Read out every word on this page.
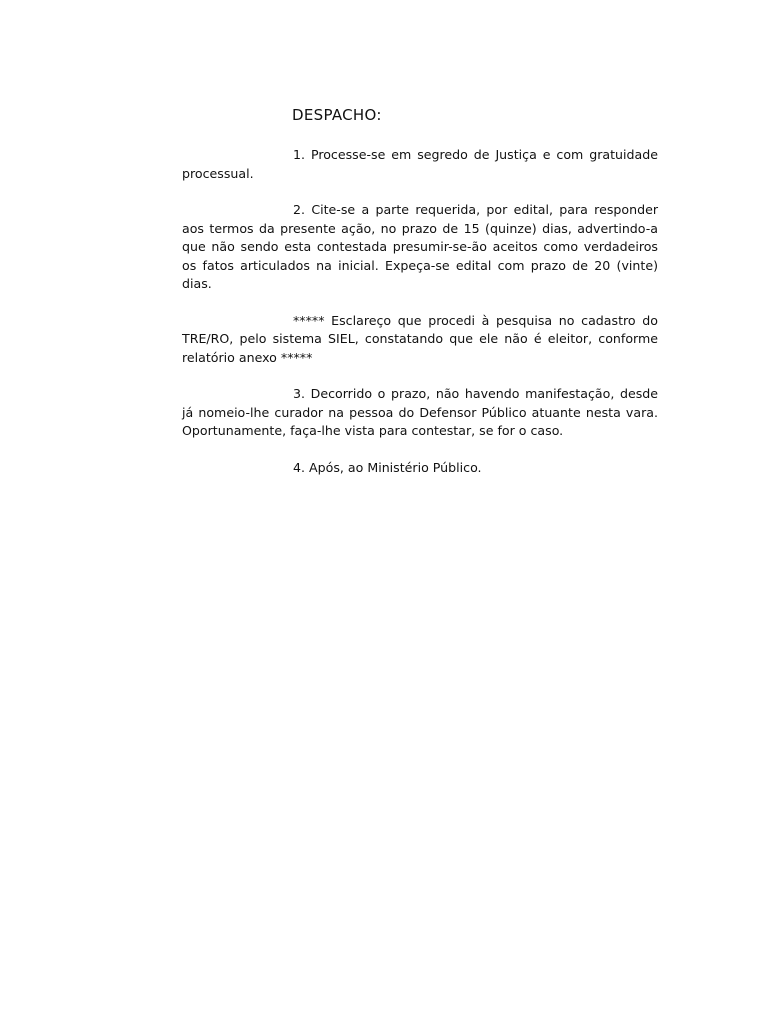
DESPACHO:

1. Processe-se em segredo de Justiça e com gratuidade processual.

2. Cite-se a parte requerida, por edital, para responder aos termos da presente ação, no prazo de 15 (quinze) dias, advertindo-a que não sendo esta contestada presumir-se-ão aceitos como verdadeiros os fatos articulados na inicial. Expeça-se edital com prazo de 20 (vinte) dias.

***** Esclareço que procedi à pesquisa no cadastro do TRE/RO, pelo sistema SIEL, constatando que ele não é eleitor, conforme relatório anexo *****

3. Decorrido o prazo, não havendo manifestação, desde já nomeio-lhe curador na pessoa do Defensor Público atuante nesta vara. Oportunamente, faça-lhe vista para contestar, se for o caso.

4. Após, ao Ministério Público.
